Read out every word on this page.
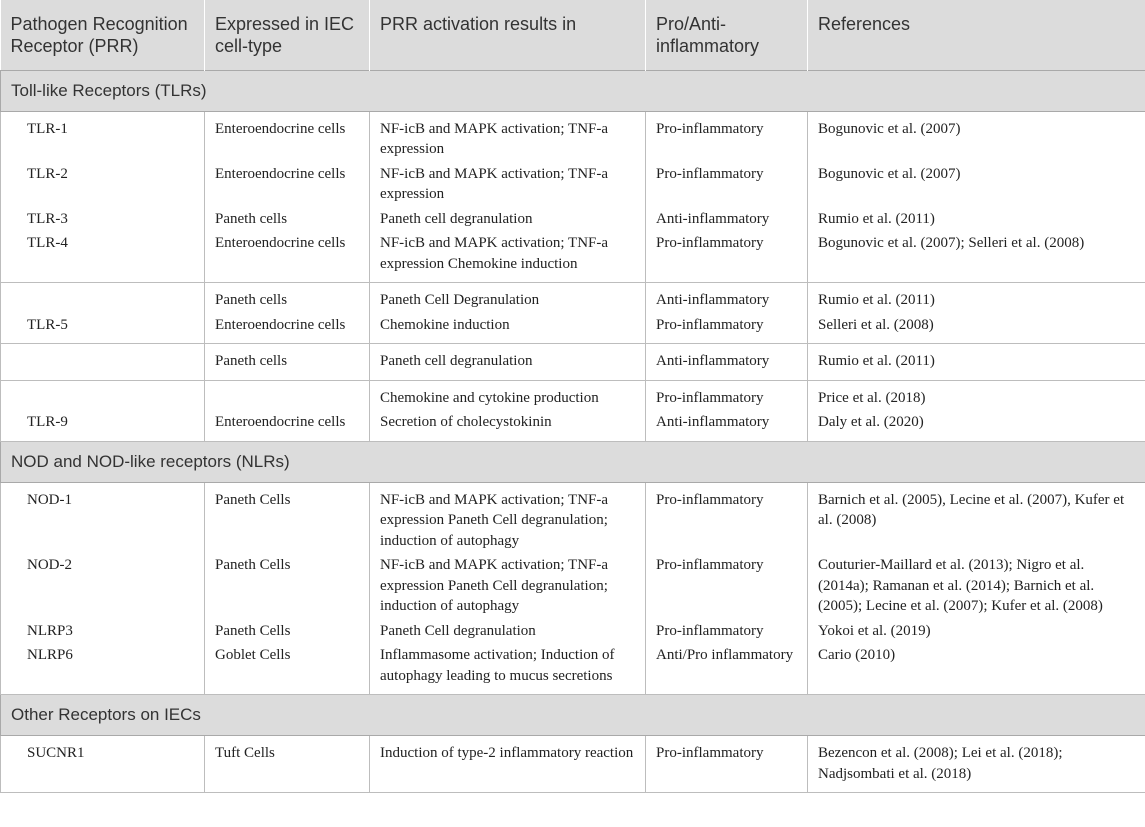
Pathogen Recognition Receptor (PRR)	Expressed in IEC cell-type	PRR activation results in	Pro/Anti-inflammatory	References
Toll-like Receptors (TLRs)				
TLR-1	Enteroendocrine cells	NF-icB and MAPK activation; TNF-a expression	Pro-inflammatory	Bogunovic et al. (2007)
TLR-2	Enteroendocrine cells	NF-icB and MAPK activation; TNF-a expression	Pro-inflammatory	Bogunovic et al. (2007)
TLR-3	Paneth cells	Paneth cell degranulation	Anti-inflammatory	Rumio et al. (2011)
TLR-4	Enteroendocrine cells	NF-icB and MAPK activation; TNF-a expression Chemokine induction	Pro-inflammatory	Bogunovic et al. (2007); Selleri et al. (2008)
	Paneth cells	Paneth Cell Degranulation	Anti-inflammatory	Rumio et al. (2011)
TLR-5	Enteroendocrine cells	Chemokine induction	Pro-inflammatory	Selleri et al. (2008)
	Paneth cells	Paneth cell degranulation	Anti-inflammatory	Rumio et al. (2011)
		Chemokine and cytokine production	Pro-inflammatory	Price et al. (2018)
TLR-9	Enteroendocrine cells	Secretion of cholecystokinin	Anti-inflammatory	Daly et al. (2020)
NOD and NOD-like receptors (NLRs)				
NOD-1	Paneth Cells	NF-icB and MAPK activation; TNF-a expression Paneth Cell degranulation; induction of autophagy	Pro-inflammatory	Barnich et al. (2005), Lecine et al. (2007), Kufer et al. (2008)
NOD-2	Paneth Cells	NF-icB and MAPK activation; TNF-a expression Paneth Cell degranulation; induction of autophagy	Pro-inflammatory	Couturier-Maillard et al. (2013); Nigro et al. (2014a); Ramanan et al. (2014); Barnich et al. (2005); Lecine et al. (2007); Kufer et al. (2008)
NLRP3	Paneth Cells	Paneth Cell degranulation	Pro-inflammatory	Yokoi et al. (2019)
NLRP6	Goblet Cells	Inflammasome activation; Induction of autophagy leading to mucus secretions	Anti/Pro inflammatory	Cario (2010)
Other Receptors on IECs				
SUCNR1	Tuft Cells	Induction of type-2 inflammatory reaction	Pro-inflammatory	Bezencon et al. (2008); Lei et al. (2018); Nadjsombati et al. (2018)
